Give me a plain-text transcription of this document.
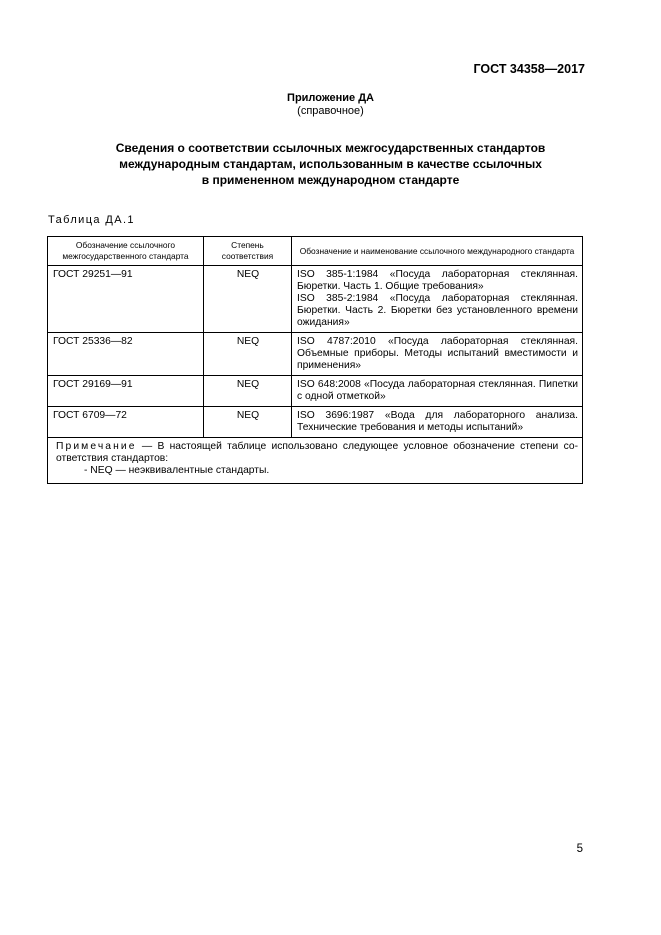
ГОСТ 34358—2017
Приложение ДА
(справочное)
Сведения о соответствии ссылочных межгосударственных стандартов
международным стандартам, использованным в качестве ссылочных
в примененном международном стандарте
Таблица ДА.1
Обозначение ссылочного межгосударственного стандарта	Степень соответствия	Обозначение и наименование ссылочного международного стандарта
ГОСТ 29251—91	NEQ	ISO 385-1:1984 «Посуда лабораторная стеклянная. Бюретки. Часть 1. Общие требования»
ISO 385-2:1984 «Посуда лабораторная стеклянная. Бюретки. Часть 2. Бюретки без установленного времени ожидания»

ГОСТ 25336—82	NEQ	ISO 4787:2010 «Посуда лабораторная стеклянная. Объемные приборы. Методы испытаний вместимости и применения»

ГОСТ 29169—91	NEQ	ISO 648:2008 «Посуда лабораторная стеклянная. Пипетки с одной отметкой»

ГОСТ 6709—72	NEQ	ISO 3696:1987 «Вода для лабораторного анализа. Технические требования и методы испытаний»

Примечание — В настоящей таблице использовано следующее условное обозначение степени соответствия стандартов:
- NEQ — неэквивалентные стандарты.		
5
